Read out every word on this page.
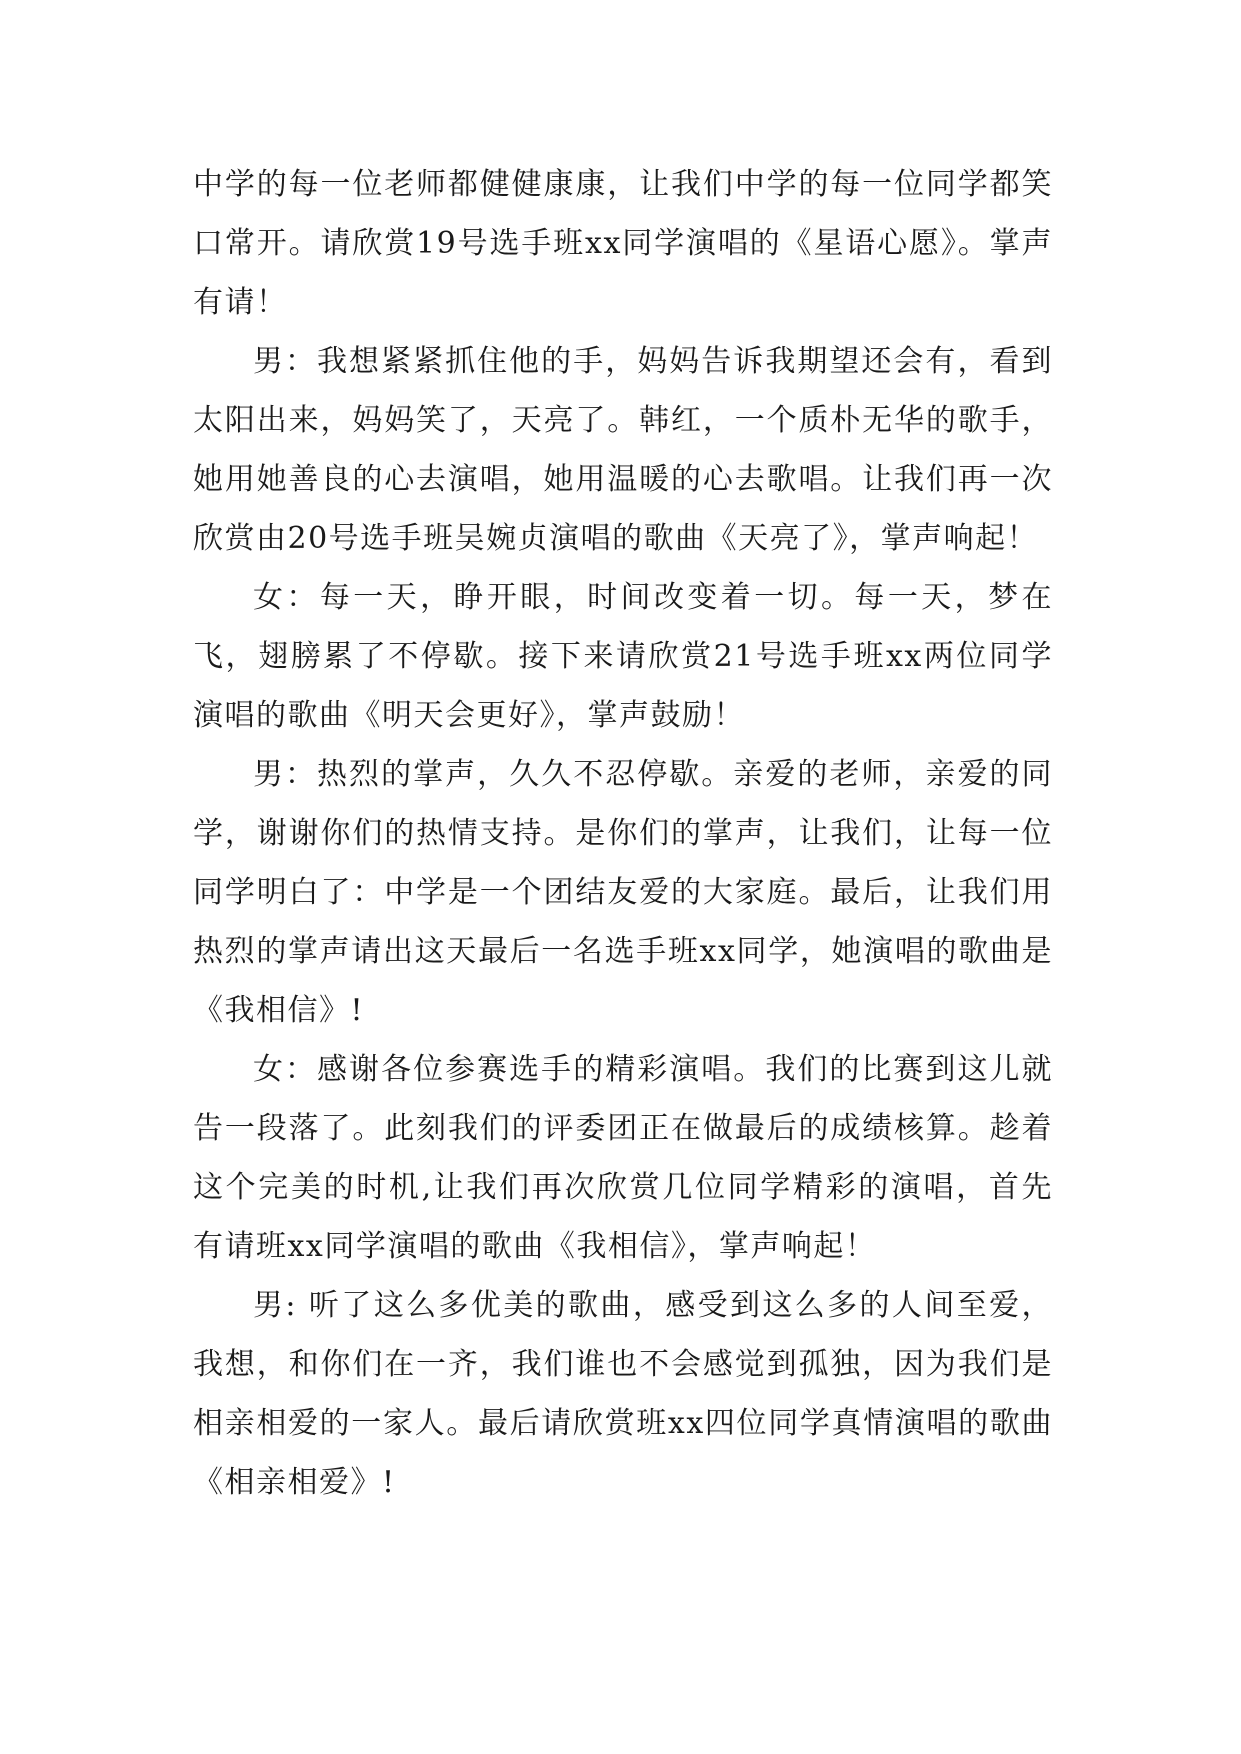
中学的每一位老师都健健康康，让我们中学的每一位同学都笑口常开。请欣赏19号选手班xx同学演唱的《星语心愿》。掌声有请！

男：我想紧紧抓住他的手，妈妈告诉我期望还会有，看到太阳出来，妈妈笑了，天亮了。韩红，一个质朴无华的歌手，她用她善良的心去演唱，她用温暖的心去歌唱。让我们再一次欣赏由20号选手班吴婉贞演唱的歌曲《天亮了》，掌声响起！

女：每一天，睁开眼，时间改变着一切。每一天，梦在飞，翅膀累了不停歇。接下来请欣赏21号选手班xx两位同学演唱的歌曲《明天会更好》，掌声鼓励！

男：热烈的掌声，久久不忍停歇。亲爱的老师，亲爱的同学，谢谢你们的热情支持。是你们的掌声，让我们，让每一位同学明白了：中学是一个团结友爱的大家庭。最后，让我们用热烈的掌声请出这天最后一名选手班xx同学，她演唱的歌曲是《我相信》!

女：感谢各位参赛选手的精彩演唱。我们的比赛到这儿就告一段落了。此刻我们的评委团正在做最后的成绩核算。趁着这个完美的时机,让我们再次欣赏几位同学精彩的演唱，首先有请班xx同学演唱的歌曲《我相信》，掌声响起！

男: 听了这么多优美的歌曲，感受到这么多的人间至爱，我想，和你们在一齐，我们谁也不会感觉到孤独，因为我们是相亲相爱的一家人。最后请欣赏班xx四位同学真情演唱的歌曲《相亲相爱》!
